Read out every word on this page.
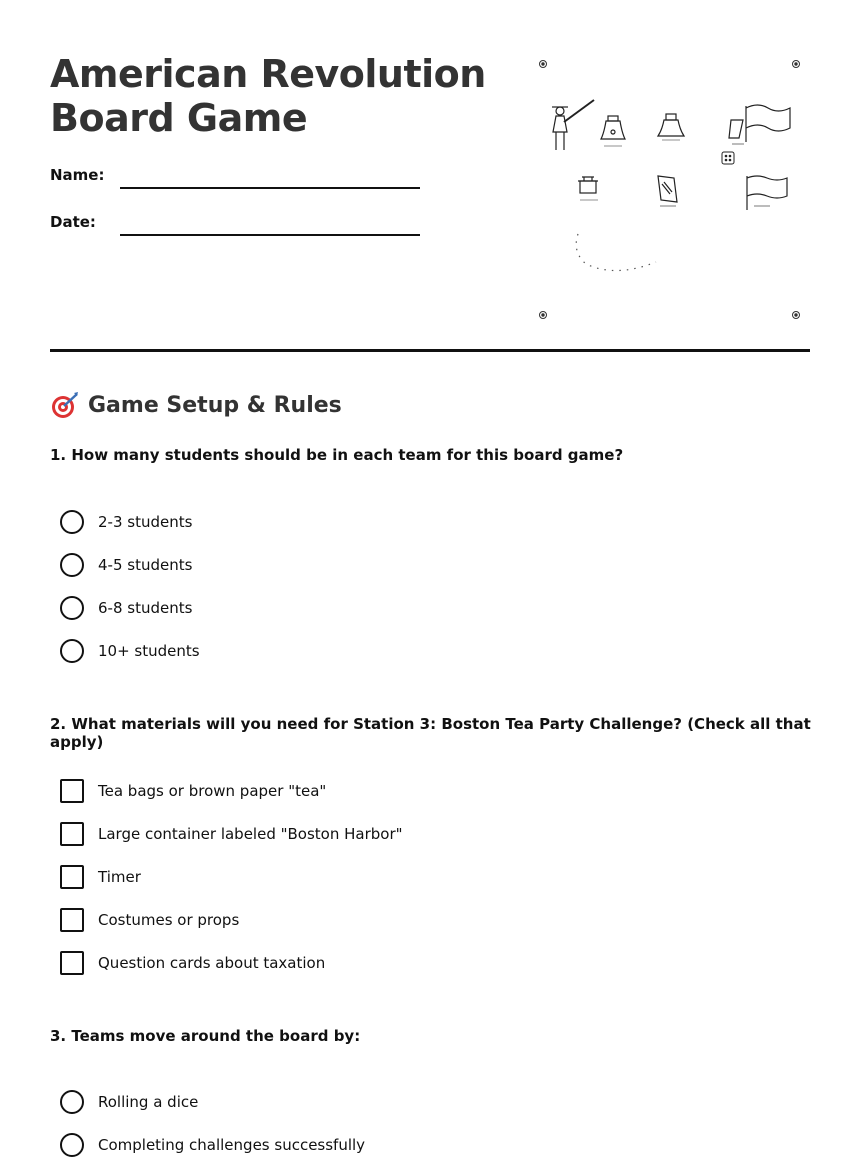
American Revolution
Board Game
Name:
Date:
Game Setup & Rules
1. How many students should be in each team for this board game?
2-3 students
4-5 students
6-8 students
10+ students
2. What materials will you need for Station 3: Boston Tea Party Challenge? (Check all that apply)
Tea bags or brown paper "tea"
Large container labeled "Boston Harbor"
Timer
Costumes or props
Question cards about taxation
3. Teams move around the board by:
Rolling a dice
Completing challenges successfully
